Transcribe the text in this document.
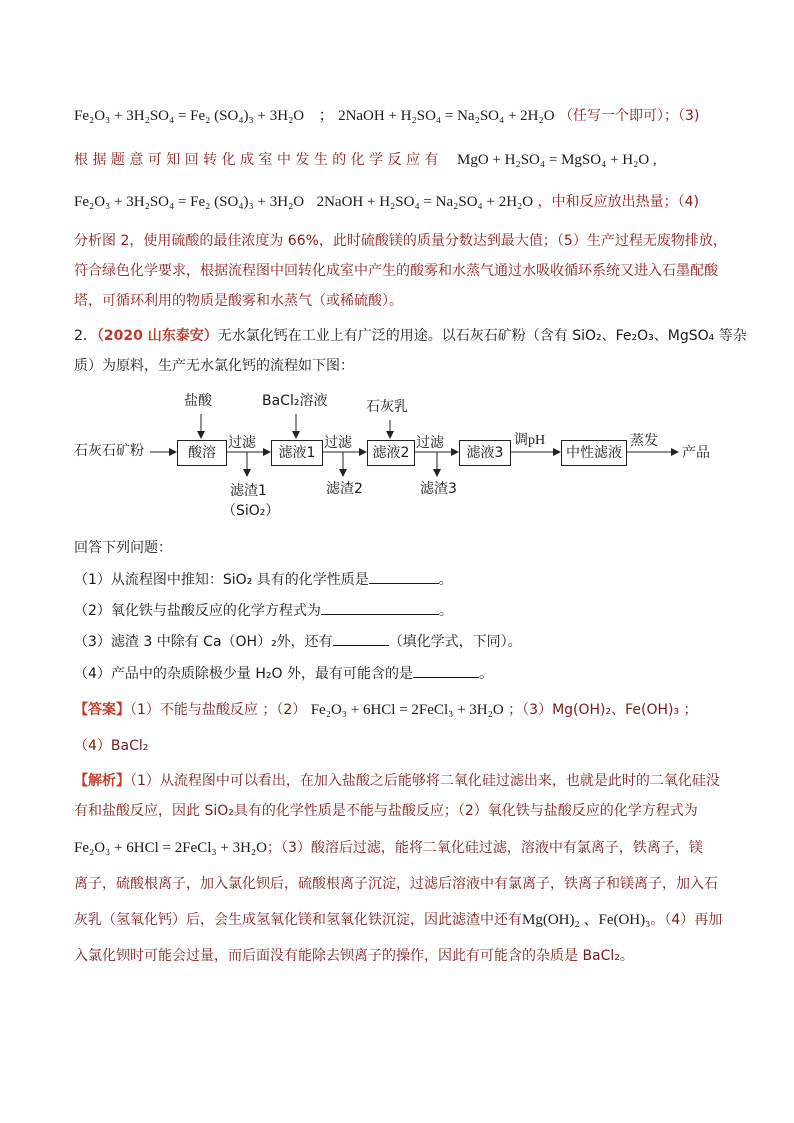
Fe₂O₃ + 3H₂SO₄ = Fe₂ (SO₄)₃ + 3H₂O ； 2NaOH + H₂SO₄ = Na₂SO₄ + 2H₂O （任写一个即可）；（3)
根 据 题 意 可 知 回 转 化 成 室 中 发 生 的 化 学 反 应 有 MgO + H₂SO₄ = MgSO₄ + H₂O ,
Fe₂O₃ + 3H₂SO₄ = Fe₂ (SO₄)₃ + 3H₂O 2NaOH + H₂SO₄ = Na₂SO₄ + 2H₂O ，中和反应放出热量；（4)
分析图 2，使用硫酸的最佳浓度为 66%，此时硫酸镁的质量分数达到最大值；（5）生产过程无废物排放，
符合绿色化学要求，根据流程图中回转化成室中产生的酸雾和水蒸气通过水吸收循环系统又进入石墨配酸
塔，可循环利用的物质是酸雾和水蒸气（或稀硫酸）。
2．（2020 山东泰安）无水氯化钙在工业上有广泛的用途。以石灰石矿粉（含有 SiO₂、Fe₂O₃、MgSO₄ 等杂
质）为原料，生产无水氯化钙的流程如下图：
石灰石矿粉	酸溶	滤液1	滤液2	滤液3	中性滤液	产品
盐酸	BaCl₂溶液	石灰乳
过滤	过滤	过滤	调pH	蒸发
滤渣1
（SiO₂）
滤渣2	滤渣3
回答下列问题：
（1）从流程图中推知：SiO₂ 具有的化学性质是	。
（2）氧化铁与盐酸反应的化学方程式为	。
（3）滤渣 3 中除有 Ca（OH）₂外，还有	（填化学式，下同）。
（4）产品中的杂质除极少量 H₂O 外，最有可能含的是	。
【答案】（1）不能与盐酸反应 ；（2） Fe₂O₃ + 6HCl = 2FeCl₃ + 3H₂O ；（3）Mg(OH)₂、Fe(OH)₃ ；
（4）BaCl₂
【解析】（1）从流程图中可以看出，在加入盐酸之后能够将二氧化硅过滤出来，也就是此时的二氧化硅没
有和盐酸反应，因此 SiO₂具有的化学性质是不能与盐酸反应；（2）氧化铁与盐酸反应的化学方程式为
Fe₂O₃ + 6HCl = 2FeCl₃ + 3H₂O；（3）酸溶后过滤，能将二氧化硅过滤，溶液中有氯离子，铁离子，镁
离子，硫酸根离子，加入氯化钡后，硫酸根离子沉淀，过滤后溶液中有氯离子，铁离子和镁离子，加入石
灰乳（氢氧化钙）后，会生成氢氧化镁和氢氧化铁沉淀，因此滤渣中还有Mg(OH)₂ 、Fe(OH)₃。（4）再加
入氯化钡时可能会过量，而后面没有能除去钡离子的操作，因此有可能含的杂质是 BaCl₂。
